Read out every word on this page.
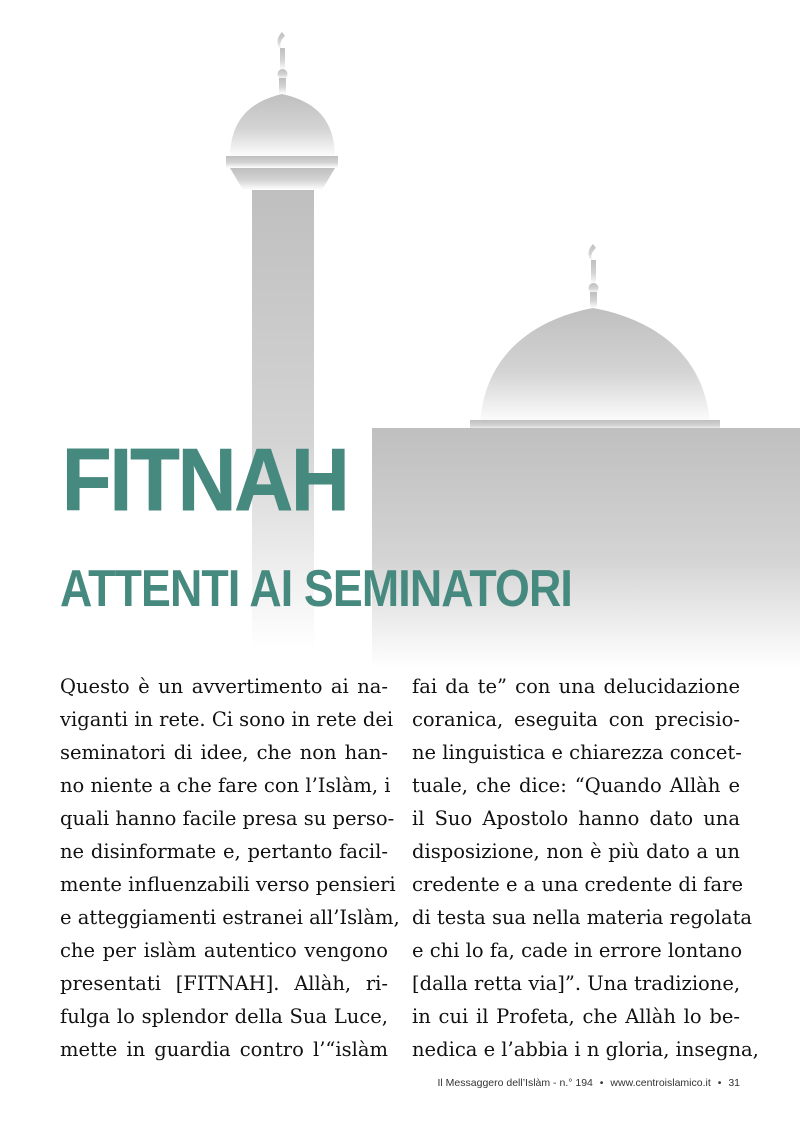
FITNAH
ATTENTI AI SEMINATORI
Questo è un avvertimento ai na-
viganti in rete. Ci sono in rete dei
seminatori di idee, che non han-
no niente a che fare con l’Islàm, i
quali hanno facile presa su perso-
ne disinformate e, pertanto facil-
mente influenzabili verso pensieri
e atteggiamenti estranei all’Islàm,
che per islàm autentico vengono
presentati [FITNAH]. Allàh, ri-
fulga lo splendor della Sua Luce,
mette in guardia contro l’“islàm
fai da te” con una delucidazione
coranica, eseguita con precisio-
ne linguistica e chiarezza concet-
tuale, che dice: “Quando Allàh e
il Suo Apostolo hanno dato una
disposizione, non è più dato a un
credente e a una credente di fare
di testa sua nella materia regolata
e chi lo fa, cade in errore lontano
[dalla retta via]”. Una tradizione,
in cui il Profeta, che Allàh lo be-
nedica e l’abbia i n gloria, insegna,
Il Messaggero dell’Islàm - n.° 194 • www.centroislamico.it • 31
